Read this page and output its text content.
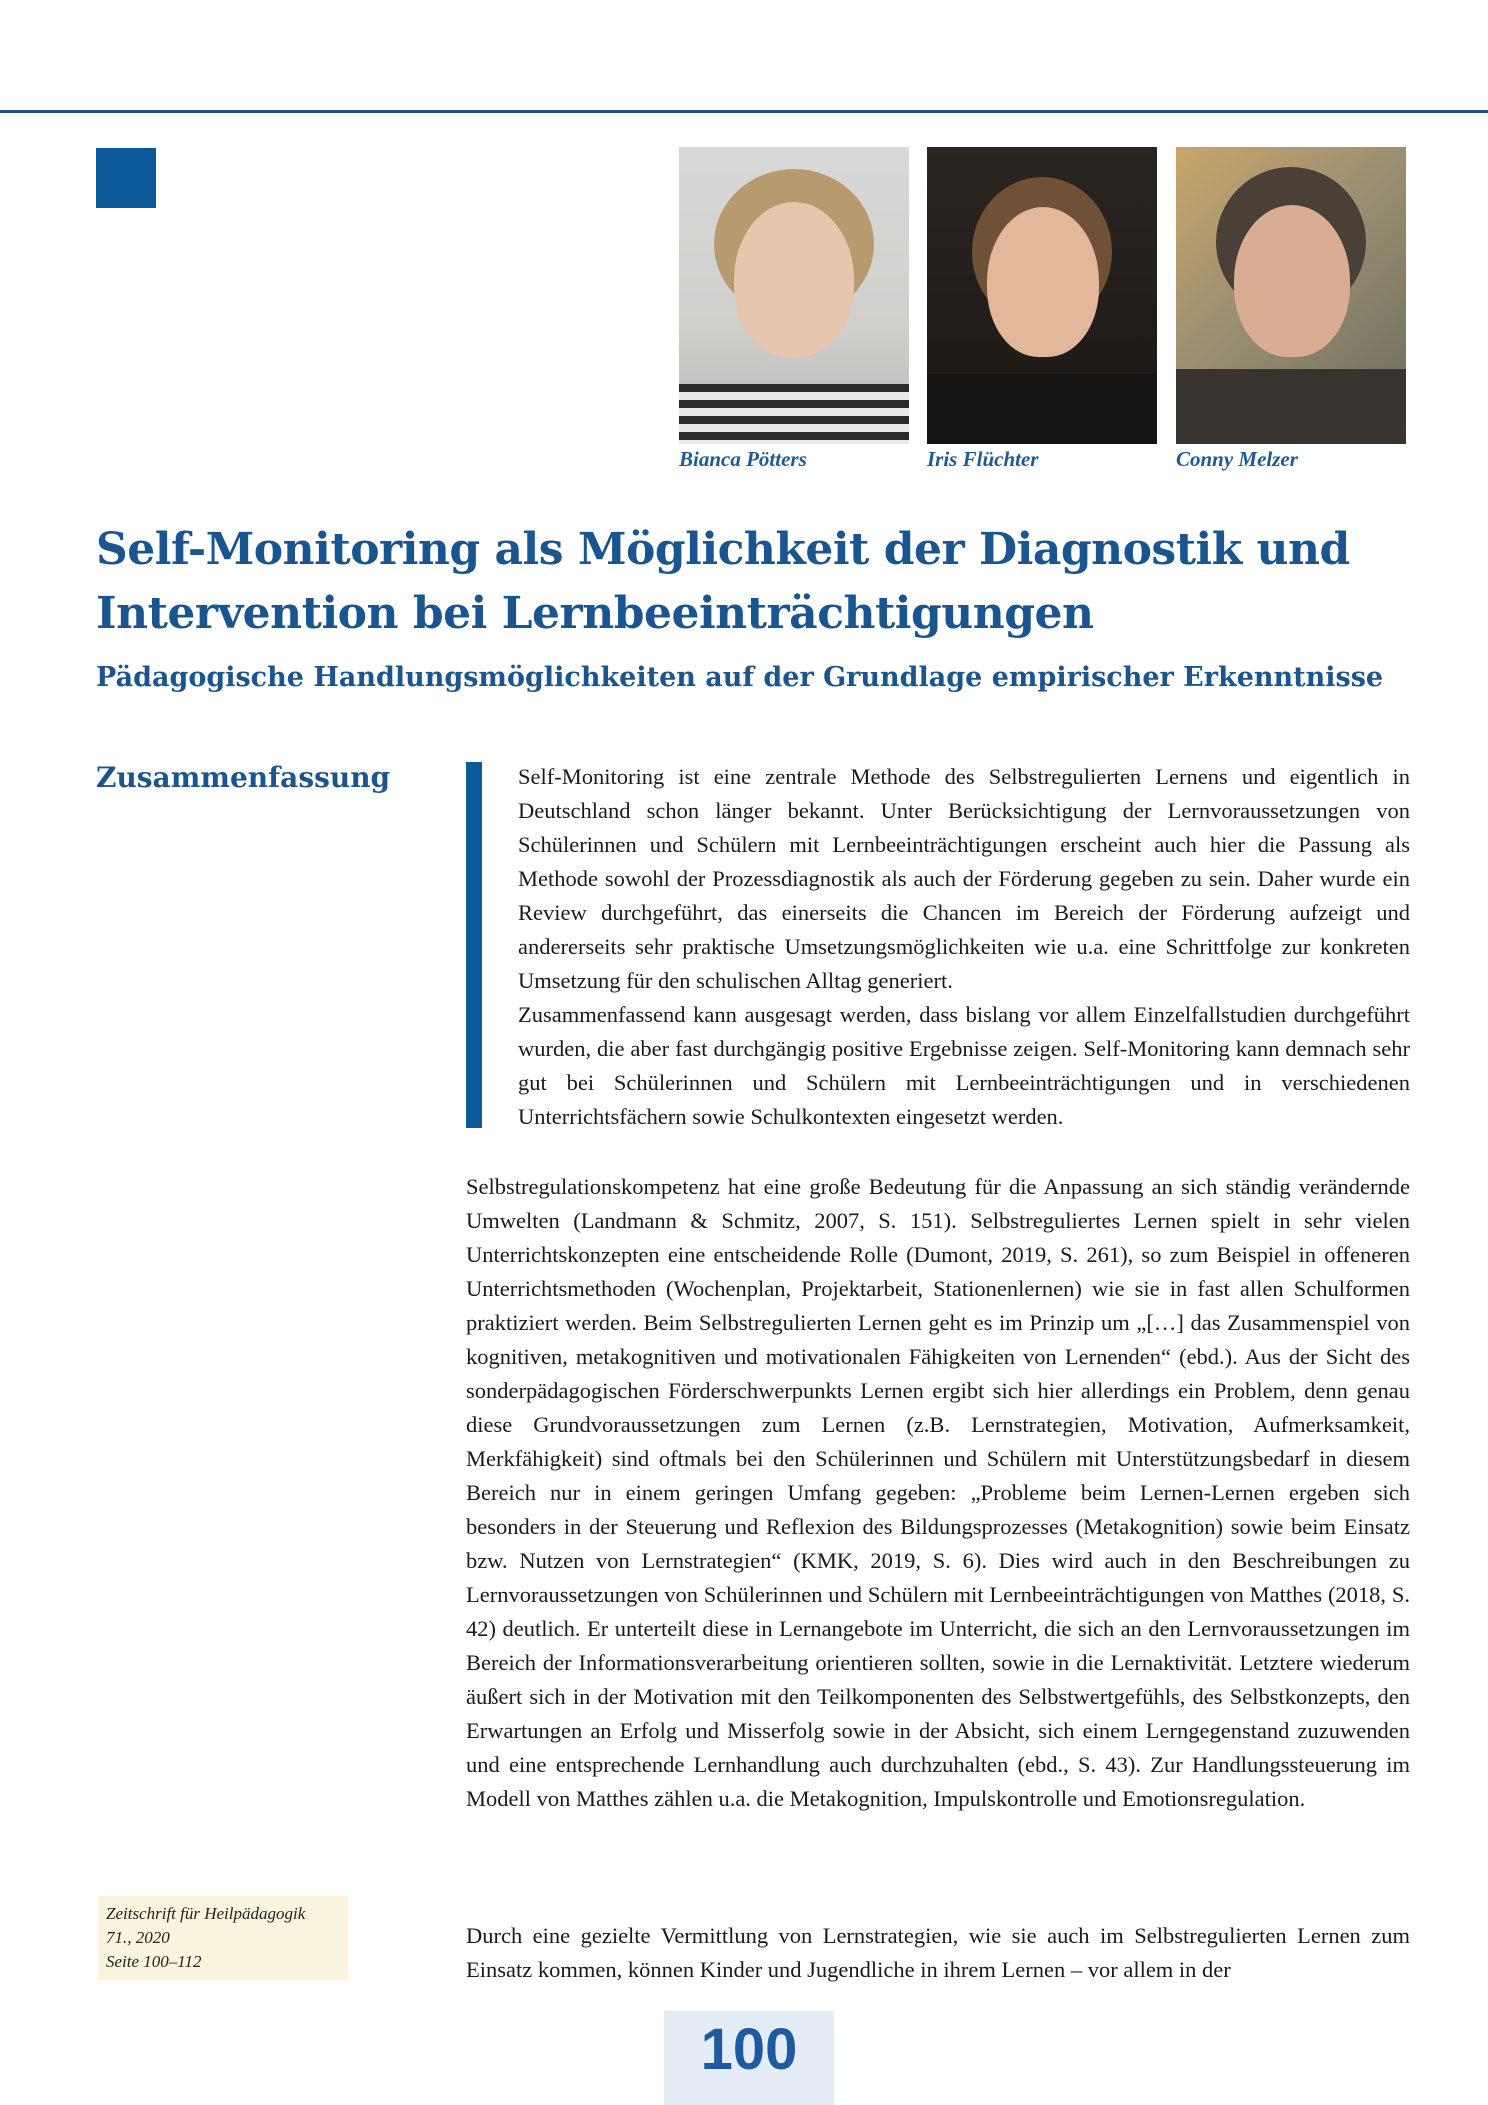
Bianca Pötters	Iris Flüchter	Conny Melzer
Self-Monitoring als Möglichkeit der Diagnostik und Intervention bei Lernbeeinträchtigungen
Pädagogische Handlungsmöglichkeiten auf der Grundlage empirischer Erkenntnisse
Zusammenfassung	Self-Monitoring ist eine zentrale Methode des Selbstregulierten Lernens und eigentlich in Deutschland schon länger bekannt. Unter Berücksichtigung der Lernvoraussetzungen von Schülerinnen und Schülern mit Lernbeeinträchtigungen erscheint auch hier die Passung als Methode sowohl der Prozessdiagnostik als auch der Förderung gegeben zu sein. Daher wurde ein Review durchgeführt, das einerseits die Chancen im Bereich der Förderung aufzeigt und andererseits sehr praktische Umsetzungsmöglichkeiten wie u.a. eine Schrittfolge zur konkreten Umsetzung für den schulischen Alltag generiert.

Zusammenfassend kann ausgesagt werden, dass bislang vor allem Einzelfallstudien durchgeführt wurden, die aber fast durchgängig positive Ergebnisse zeigen. Self-Monitoring kann demnach sehr gut bei Schülerinnen und Schülern mit Lernbeeinträchtigungen und in verschiedenen Unterrichtsfächern sowie Schulkontexten eingesetzt werden.

Selbstregulationskompetenz hat eine große Bedeutung für die Anpassung an sich ständig verändernde Umwelten (Landmann & Schmitz, 2007, S. 151). Selbstreguliertes Lernen spielt in sehr vielen Unterrichtskonzepten eine entscheidende Rolle (Dumont, 2019, S. 261), so zum Beispiel in offeneren Unterrichtsmethoden (Wochenplan, Projektarbeit, Stationenlernen) wie sie in fast allen Schulformen praktiziert werden. Beim Selbstregulierten Lernen geht es im Prinzip um „[…] das Zusammenspiel von kognitiven, metakognitiven und motivationalen Fähigkeiten von Lernenden“ (ebd.). Aus der Sicht des sonderpädagogischen Förderschwerpunkts Lernen ergibt sich hier allerdings ein Problem, denn genau diese Grundvoraussetzungen zum Lernen (z.B. Lernstrategien, Motivation, Aufmerksamkeit, Merkfähigkeit) sind oftmals bei den Schülerinnen und Schülern mit Unterstützungsbedarf in diesem Bereich nur in einem geringen Umfang gegeben: „Probleme beim Lernen-Lernen ergeben sich besonders in der Steuerung und Reflexion des Bildungsprozesses (Metakognition) sowie beim Einsatz bzw. Nutzen von Lernstrategien“ (KMK, 2019, S. 6). Dies wird auch in den Beschreibungen zu Lernvoraussetzungen von Schülerinnen und Schülern mit Lernbeeinträchtigungen von Matthes (2018, S. 42) deutlich. Er unterteilt diese in Lernangebote im Unterricht, die sich an den Lernvoraussetzungen im Bereich der Informationsverarbeitung orientieren sollten, sowie in die Lernaktivität. Letztere wiederum äußert sich in der Motivation mit den Teilkomponenten des Selbstwertgefühls, des Selbstkonzepts, den Erwartungen an Erfolg und Misserfolg sowie in der Absicht, sich einem Lerngegenstand zuzuwenden und eine entsprechende Lernhandlung auch durchzuhalten (ebd., S. 43). Zur Handlungssteuerung im Modell von Matthes zählen u.a. die Metakognition, Impulskontrolle und Emotionsregulation.

Durch eine gezielte Vermittlung von Lernstrategien, wie sie auch im Selbstregulierten Lernen zum Einsatz kommen, können Kinder und Jugendliche in ihrem Lernen – vor allem in der

Zeitschrift für Heilpädagogik
71., 2020
Seite 100–112
100
